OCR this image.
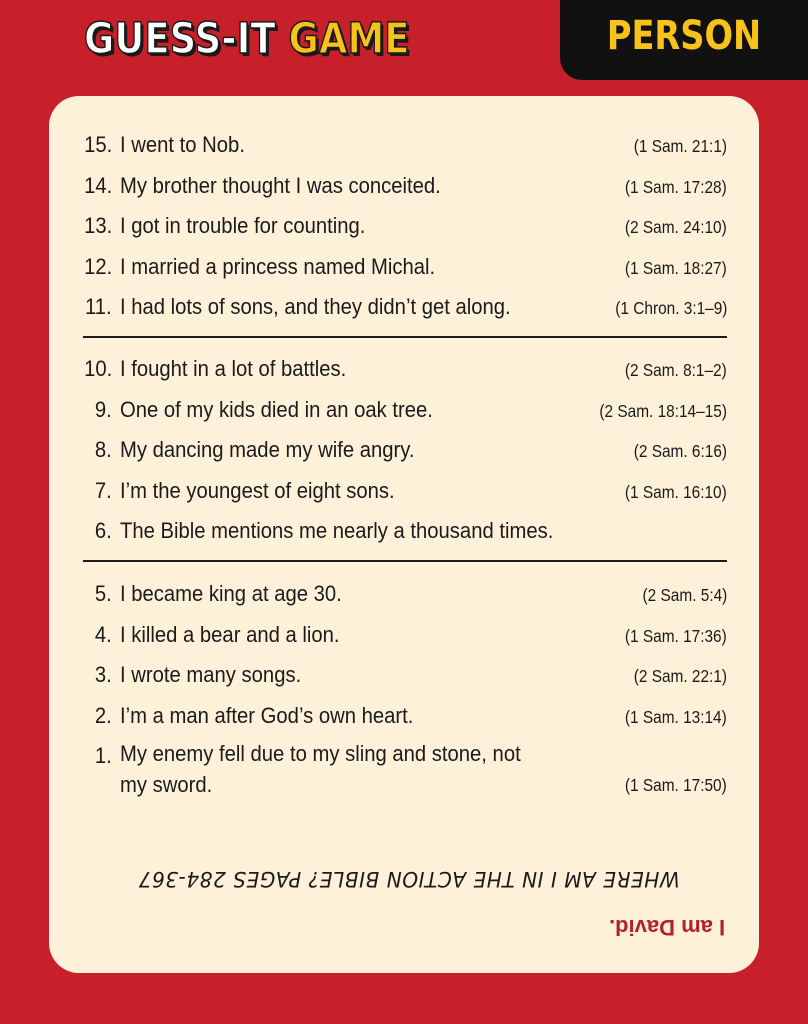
GUESS-IT GAME	PERSON
15. I went to Nob.	(1 Sam. 21:1)
14. My brother thought I was conceited.	(1 Sam. 17:28)
13. I got in trouble for counting.	(2 Sam. 24:10)
12. I married a princess named Michal.	(1 Sam. 18:27)
11. I had lots of sons, and they didn’t get along.	(1 Chron. 3:1–9)
10. I fought in a lot of battles.	(2 Sam. 8:1–2)
9. One of my kids died in an oak tree.	(2 Sam. 18:14–15)
8. My dancing made my wife angry.	(2 Sam. 6:16)
7. I’m the youngest of eight sons.	(1 Sam. 16:10)
6. The Bible mentions me nearly a thousand times.
5. I became king at age 30.	(2 Sam. 5:4)
4. I killed a bear and a lion.	(1 Sam. 17:36)
3. I wrote many songs.	(2 Sam. 22:1)
2. I’m a man after God’s own heart.	(1 Sam. 13:14)
1. My enemy fell due to my sling and stone, not my sword.	(1 Sam. 17:50)
WHERE AM I IN THE ACTION BIBLE? PAGES 284-367
I am David.
